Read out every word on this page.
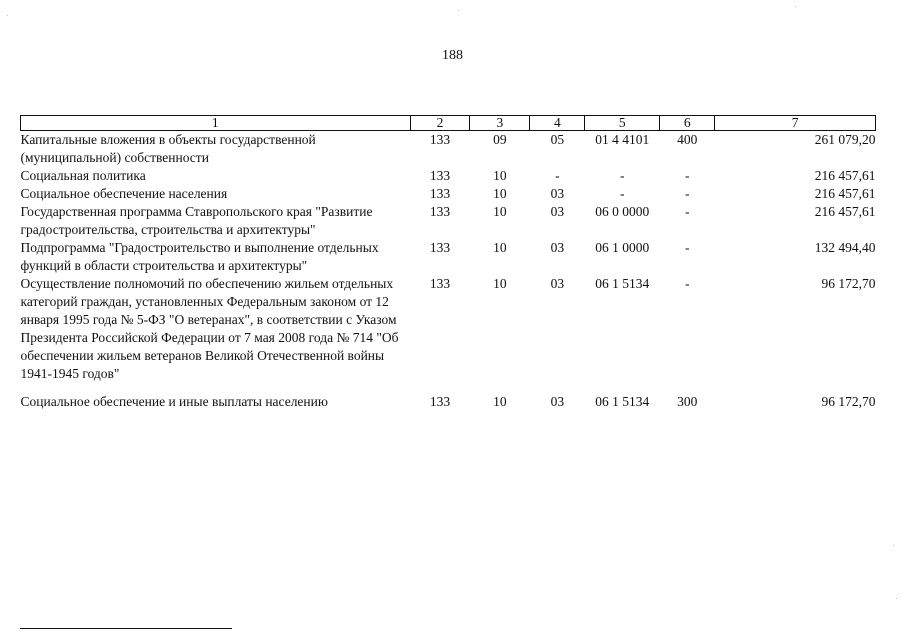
188
1	2	3	4	5	6	7
Капитальные вложения в объекты государственной (муниципальной) собственности	133	09	05	01 4 4101	400	261 079,20
Социальная политика	133	10	-	-	-	216 457,61
Социальное обеспечение населения	133	10	03	-	-	216 457,61
Государственная программа Ставропольского края "Развитие градостроительства, строительства и архитектуры"	133	10	03	06 0 0000	-	216 457,61
Подпрограмма "Градостроительство и выполнение отдельных функций в области строительства и архитектуры"	133	10	03	06 1 0000	-	132 494,40
Осуществление полномочий по обеспечению жильем отдельных категорий граждан, установленных Федеральным законом от 12 января 1995 года № 5-ФЗ "О ветеранах", в соответствии с Указом Президента Российской Федерации от 7 мая 2008 года № 714 "Об обеспечении жильем ветеранов Великой Отечественной войны 1941-1945 годов"	133	10	03	06 1 5134	-	96 172,70
Социальное обеспечение и иные выплаты населению	133	10	03	06 1 5134	300	96 172,70
